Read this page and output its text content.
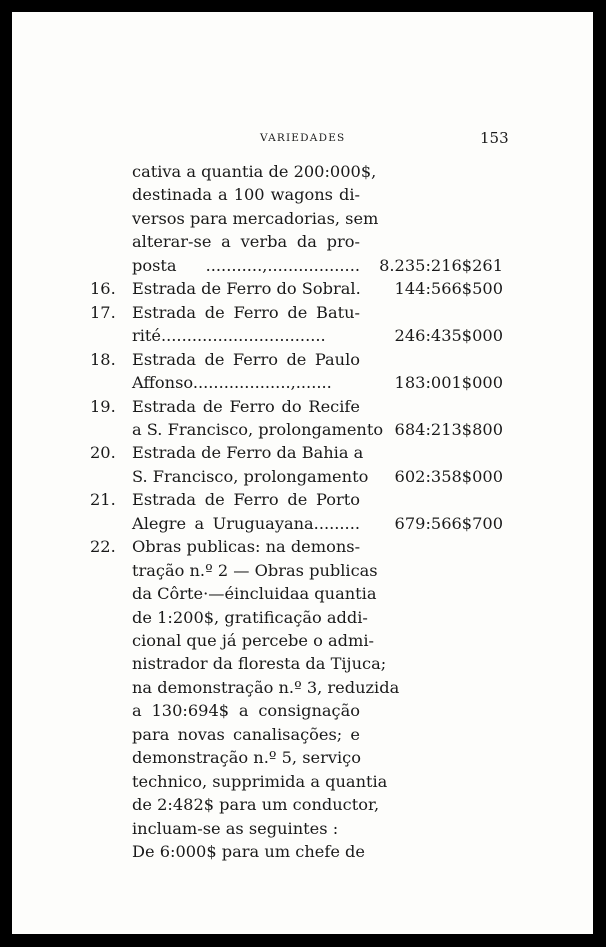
VARIEDADES	153
cativa a quantia de 200:000$,
destinada a 100 wagons di-
versos para mercadorias, sem
alterar-se a verba da pro-
posta ...........,.................. 8.235:216$261
16. Estrada de Ferro do Sobral. 144:566$500
17. Estrada de Ferro de Batu-
rité................................	246:435$000
18. Estrada de Ferro de Paulo
Affonso...................,.......	183:001$000
19. Estrada de Ferro do Recife
a S. Francisco, prolongamento 684:213$800
20. Estrada de Ferro da Bahia a
S. Francisco, prolongamento 602:358$000
21. Estrada de Ferro de Porto
Alegre a Uruguayana......... 679:566$700
22. Obras publicas: na demons-
tração n.º 2 — Obras publicas
da Côrte·—éincluidaa quantia
de 1:200$, gratificação addi-
cional que já percebe o admi-
nistrador da floresta da Tijuca;
na demonstração n.º 3, reduzida
a 130:694$ a consignação
para novas canalisações; e
demonstração n.º 5, serviço
technico, supprimida a quantia
de 2:482$ para um conductor,
incluam-se as seguintes :
De 6:000$ para um chefe de
